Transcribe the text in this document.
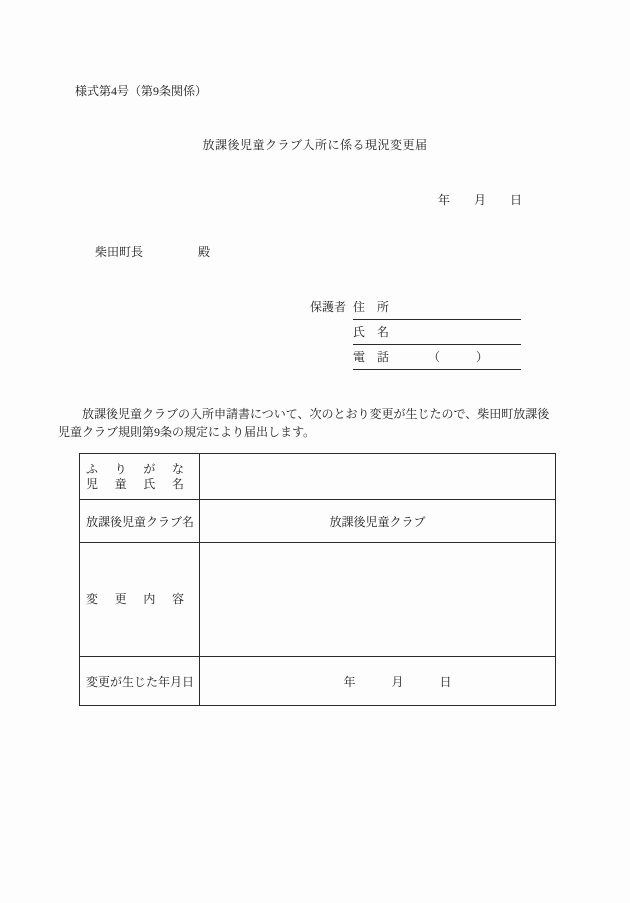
様式第4号（第9条関係）
放課後児童クラブ入所に係る現況変更届
年　　月　　日
柴田町長	殿
保護者 住　所
氏　名
電　話	（　　　）
　放課後児童クラブの入所申請書について、次のとおり変更が生じたので、柴田町放課後
児童クラブ規則第9条の規定により届出します。
ふ　り　が　な
児　童　氏　名	

放課後児童クラブ名	放課後児童クラブ

変　更　内　容	

変更が生じた年月日	年　　　月　　　日
